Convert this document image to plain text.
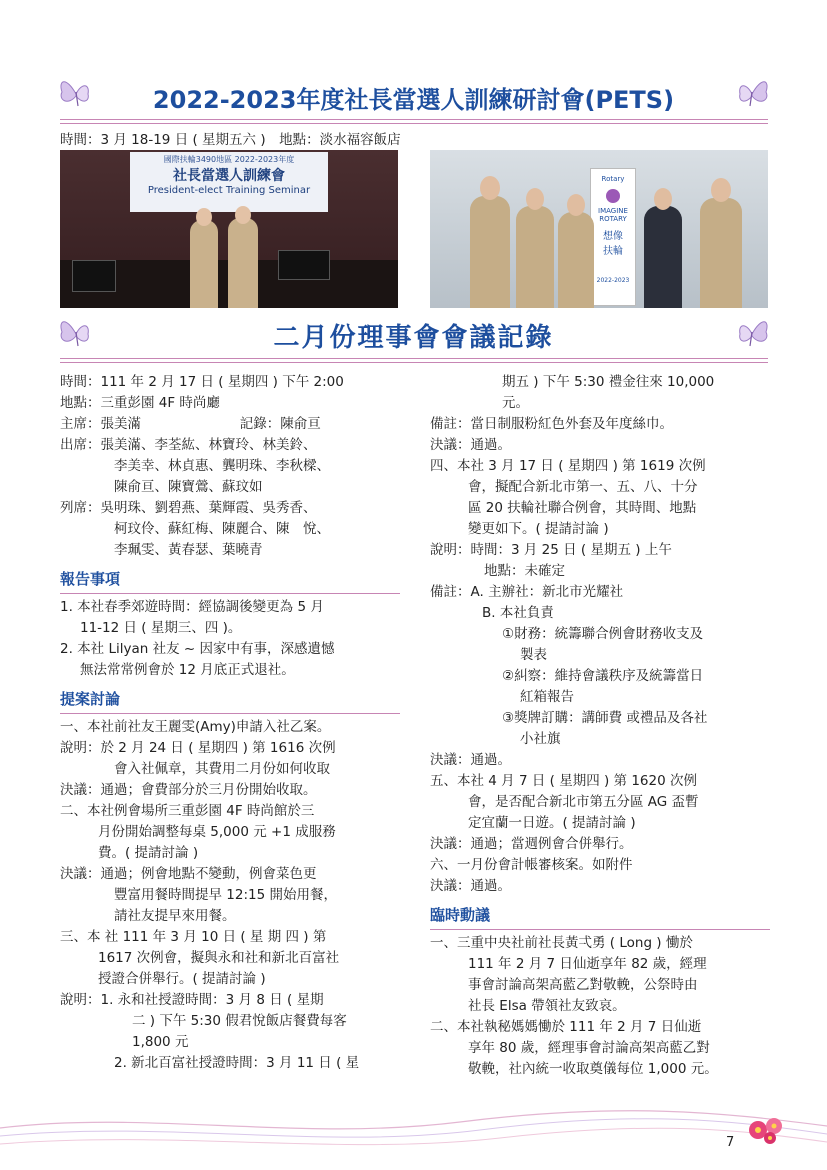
2022-2023年度社長當選人訓練研討會(PETS)
時間：3 月 18-19 日 ( 星期五六 )　地點：淡水福容飯店
國際扶輪3490地區 2022-2023年度
社長當選人訓練會
President-elect Training Seminar
Rotary
IMAGINE
ROTARY
想像
扶輪
2022-2023
二月份理事會會議記錄
時間：111 年 2 月 17 日 ( 星期四 ) 下午 2:00
地點：三重彭園 4F 時尚廳
主席：張美滿　　　　　　　 記錄：陳俞亘
出席：張美滿、李荃紘、林寶玲、林美鈴、
李美幸、林貞惠、龔明珠、李秋樑、
陳俞亘、陳寶鶯、蘇玟如
列席：吳明珠、劉碧燕、葉輝霞、吳秀香、
柯玟伶、蘇紅梅、陳麗合、陳　悅、
李珮雯、黃春瑟、葉曉青
報告事項
1. 本社春季郊遊時間：經協調後變更為 5 月
11-12 日 ( 星期三、四 )。
2. 本社 Lilyan 社友 ~ 因家中有事，深感遺憾
無法常常例會於 12 月底正式退社。
提案討論
一、本社前社友王麗雯(Amy)申請入社乙案。
說明：於 2 月 24 日 ( 星期四 ) 第 1616 次例
會入社佩章，其費用二月份如何收取
決議：通過；會費部分於三月份開始收取。
二、本社例會場所三重彭園 4F 時尚館於三
月份開始調整每桌 5,000 元 +1 成服務
費。( 提請討論 )
決議：通過；例會地點不變動，例會菜色更
豐富用餐時間提早 12:15 開始用餐，
請社友提早來用餐。
三、本 社 111 年 3 月 10 日 ( 星 期 四 ) 第
1617 次例會，擬與永和社和新北百富社
授證合併舉行。( 提請討論 )
說明：1. 永和社授證時間：3 月 8 日 ( 星期
二 ) 下午 5:30 假君悅飯店餐費每客
1,800 元
2. 新北百富社授證時間：3 月 11 日 ( 星
期五 ) 下午 5:30 禮金往來 10,000
元。
備註：當日制服粉紅色外套及年度絲巾。
決議：通過。
四、本社 3 月 17 日 ( 星期四 ) 第 1619 次例
會，擬配合新北市第一、五、八、十分
區 20 扶輪社聯合例會，其時間、地點
變更如下。( 提請討論 )
說明：時間：3 月 25 日 ( 星期五 ) 上午
地點：未確定
備註：A. 主辦社：新北市光耀社
B. 本社負責
①財務：統籌聯合例會財務收支及
製表
②糾察：維持會議秩序及統籌當日
紅箱報告
③獎牌訂購：講師費 或禮品及各社
小社旗
決議：通過。
五、本社 4 月 7 日 ( 星期四 ) 第 1620 次例
會，是否配合新北市第五分區 AG 盃暫
定宜蘭一日遊。( 提請討論 )
決議：通過；當週例會合併舉行。
六、一月份會計帳審核案。如附件
決議：通過。
臨時動議
一、三重中央社前社長黃弌勇 ( Long ) 慟於
111 年 2 月 7 日仙逝享年 82 歲，經理
事會討論高架高藍乙對敬輓，公祭時由
社長 Elsa 帶領社友致哀。
二、本社執秘媽媽慟於 111 年 2 月 7 日仙逝
享年 80 歲，經理事會討論高架高藍乙對
敬輓，社內統一收取奠儀每位 1,000 元。
7
